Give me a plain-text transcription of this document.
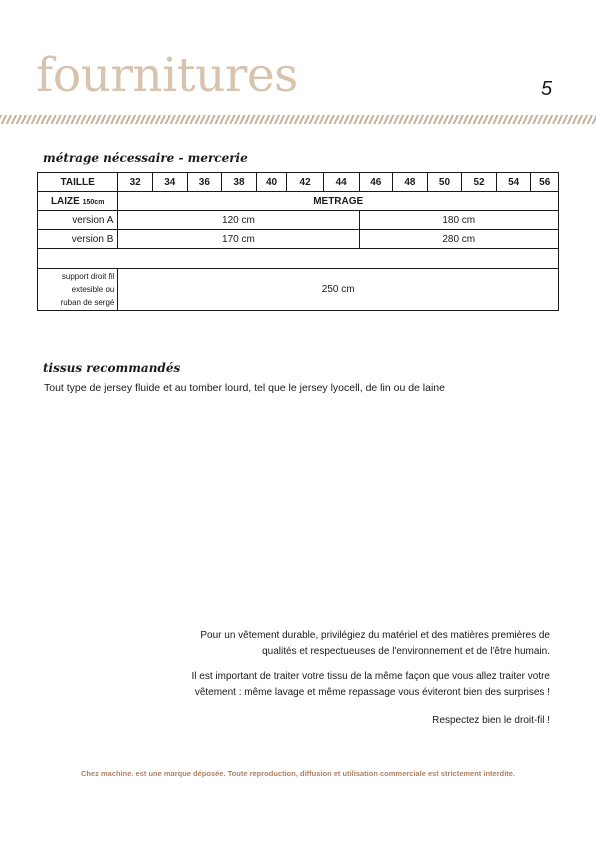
fournitures	5
métrage nécessaire - mercerie
TAILLE	32	34	36	38	40	42	44	46	48	50	52	54	56
LAIZE 150cm	METRAGE												
version A	120 cm							180 cm					
version B	170 cm							280 cm					

support droit fil
extesible ou
ruban de sergé	250 cm												
tissus recommandés

Tout type de jersey fluide et au tomber lourd, tel que le jersey lyocell, de lin ou de laine

Pour un vêtement durable, privilégiez du matériel et des matières premières de
qualités et respectueuses de l'environnement et de l'être humain.

Il est important de traiter votre tissu de la même façon que vous allez traiter votre
vêtement : même lavage et même repassage vous éviteront bien des surprises !

Respectez bien le droit-fil !

Chez machine. est une marque déposée. Toute reproduction, diffusion et utilisation commerciale est strictement interdite.
